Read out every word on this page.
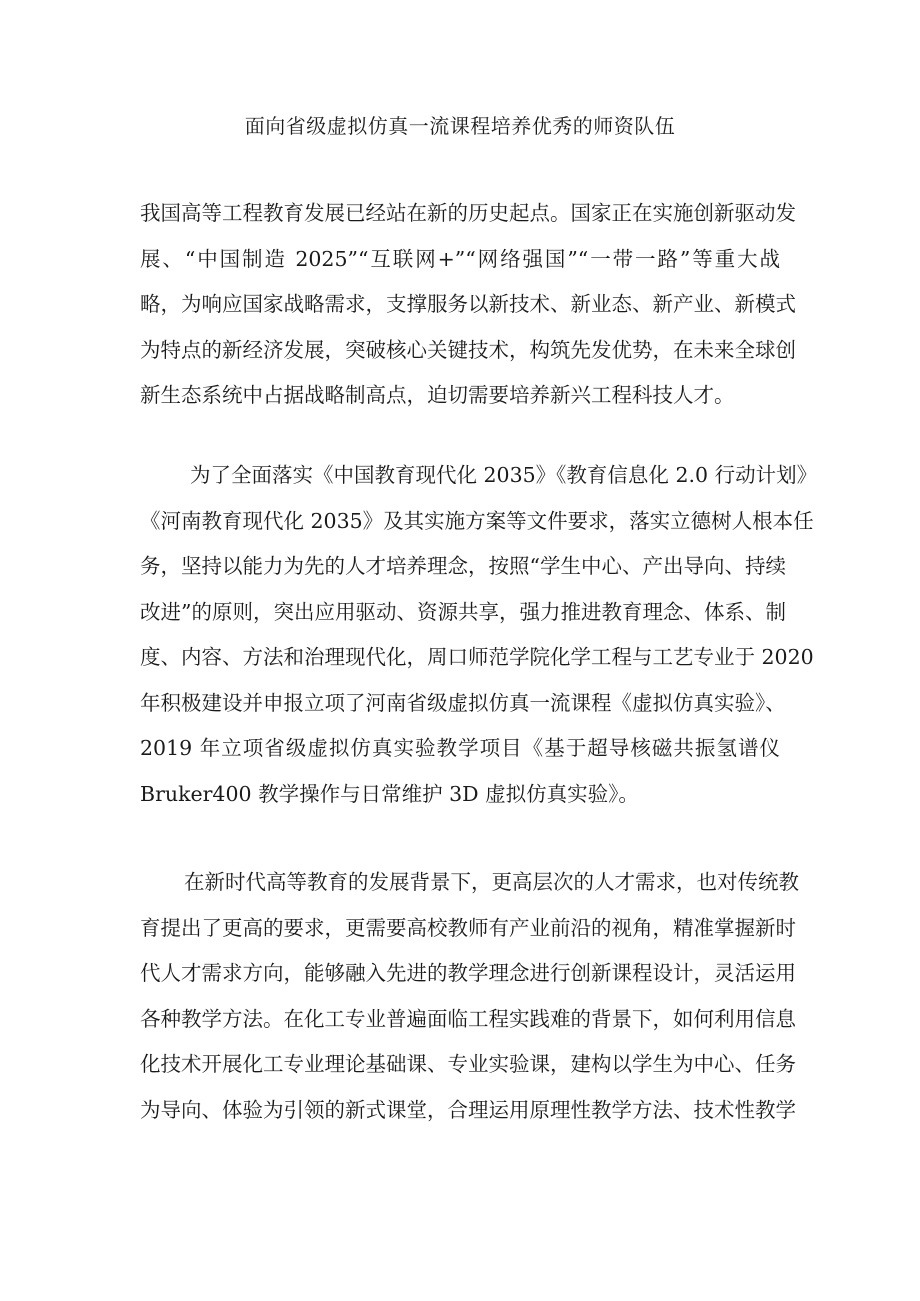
面向省级虚拟仿真一流课程培养优秀的师资队伍
我国高等工程教育发展已经站在新的历史起点。国家正在实施创新驱动发
展、“中国制造 2025”“互联网+”“网络强国”“一带一路”等重大战
略，为响应国家战略需求，支撑服务以新技术、新业态、新产业、新模式
为特点的新经济发展，突破核心关键技术，构筑先发优势，在未来全球创
新生态系统中占据战略制高点，迫切需要培养新兴工程科技人才。
为了全面落实《中国教育现代化 2035》《教育信息化 2.0 行动计划》
《河南教育现代化 2035》及其实施方案等文件要求，落实立德树人根本任
务，坚持以能力为先的人才培养理念，按照“学生中心、产出导向、持续
改进”的原则，突出应用驱动、资源共享，强力推进教育理念、体系、制
度、内容、方法和治理现代化，周口师范学院化学工程与工艺专业于 2020
年积极建设并申报立项了河南省级虚拟仿真一流课程《虚拟仿真实验》、
2019 年立项省级虚拟仿真实验教学项目《基于超导核磁共振氢谱仪
Bruker400 教学操作与日常维护 3D 虚拟仿真实验》。
在新时代高等教育的发展背景下，更高层次的人才需求，也对传统教
育提出了更高的要求，更需要高校教师有产业前沿的视角，精准掌握新时
代人才需求方向，能够融入先进的教学理念进行创新课程设计，灵活运用
各种教学方法。在化工专业普遍面临工程实践难的背景下，如何利用信息
化技术开展化工专业理论基础课、专业实验课，建构以学生为中心、任务
为导向、体验为引领的新式课堂，合理运用原理性教学方法、技术性教学
